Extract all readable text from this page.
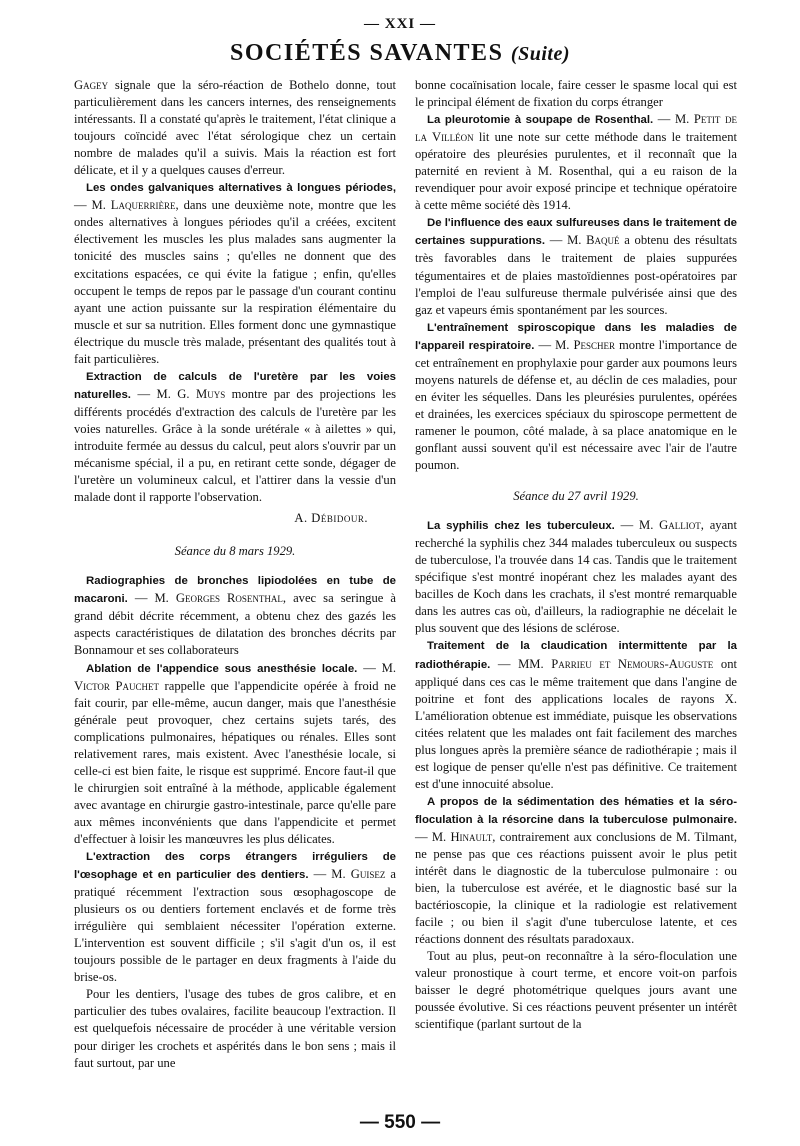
— XXI —
SOCIÉTÉS SAVANTES (Suite)

Gagey signale que la séro-réaction de Bothelo donne, tout particulièrement dans les cancers internes, des renseignements intéressants. Il a constaté qu'après le traitement, l'état clinique a toujours coïncidé avec l'état sérologique chez un certain nombre de malades qu'il a suivis. Mais la réaction est fort délicate, et il y a quelques causes d'erreur.

Les ondes galvaniques alternatives à longues périodes, — M. Laquerrière, dans une deuxième note, montre que les ondes alternatives à longues périodes qu'il a créées, excitent électivement les muscles les plus malades sans augmenter la tonicité des muscles sains ; qu'elles ne donnent que des excitations espacées, ce qui évite la fatigue ; enfin, qu'elles occupent le temps de repos par le passage d'un courant continu ayant une action puissante sur la respiration élémentaire du muscle et sur sa nutrition. Elles forment donc une gymnastique électrique du muscle très malade, présentant des qualités tout à fait particulières.

Extraction de calculs de l'uretère par les voies naturelles. — M. G. Muys montre par des projections les différents procédés d'extraction des calculs de l'uretère par les voies naturelles. Grâce à la sonde urétérale « à ailettes » qui, introduite fermée au dessus du calcul, peut alors s'ouvrir par un mécanisme spécial, il a pu, en retirant cette sonde, dégager de l'uretère un volumineux calcul, et l'attirer dans la vessie d'un malade dont il rapporte l'observation.

A. Débidour.
Séance du 8 mars 1929.

Radiographies de bronches lipiodolées en tube de macaroni. — M. Georges Rosenthal, avec sa seringue à grand débit décrite récemment, a obtenu chez des gazés les aspects caractéristiques de dilatation des bronches décrits par Bonnamour et ses collaborateurs

Ablation de l'appendice sous anesthésie locale. — M. Victor Pauchet rappelle que l'appendicite opérée à froid ne fait courir, par elle-même, aucun danger, mais que l'anesthésie générale peut provoquer, chez certains sujets tarés, des complications pulmonaires, hépatiques ou rénales. Elles sont relativement rares, mais existent. Avec l'anesthésie locale, si celle-ci est bien faite, le risque est supprimé. Encore faut-il que le chirurgien soit entraîné à la méthode, applicable également avec avantage en chirurgie gastro-intestinale, parce qu'elle pare aux mêmes inconvénients que dans l'appendicite et permet d'effectuer à loisir les manœuvres les plus délicates.

L'extraction des corps étrangers irréguliers de l'œsophage et en particulier des dentiers. — M. Guisez a pratiqué récemment l'extraction sous œsophagoscope de plusieurs os ou dentiers fortement enclavés et de forme très irrégulière qui semblaient nécessiter l'opération externe. L'intervention est souvent difficile ; s'il s'agit d'un os, il est toujours possible de le partager en deux fragments à l'aide du brise-os.

Pour les dentiers, l'usage des tubes de gros calibre, et en particulier des tubes ovalaires, facilite beaucoup l'extraction. Il est quelquefois nécessaire de procéder à une véritable version pour diriger les crochets et aspérités dans le bon sens ; mais il faut surtout, par une

bonne cocaïnisation locale, faire cesser le spasme local qui est le principal élément de fixation du corps étranger

La pleurotomie à soupape de Rosenthal. — M. Petit de la Villéon lit une note sur cette méthode dans le traitement opératoire des pleurésies purulentes, et il reconnaît que la paternité en revient à M. Rosenthal, qui a eu raison de la revendiquer pour avoir exposé principe et technique opératoire à cette même société dès 1914.

De l'influence des eaux sulfureuses dans le traitement de certaines suppurations. — M. Baqué a obtenu des résultats très favorables dans le traitement de plaies suppurées tégumentaires et de plaies mastoïdiennes post-opératoires par l'emploi de l'eau sulfureuse thermale pulvérisée ainsi que des gaz et vapeurs émis spontanément par les sources.

L'entraînement spiroscopique dans les maladies de l'appareil respiratoire. — M. Pescher montre l'importance de cet entraînement en prophylaxie pour garder aux poumons leurs moyens naturels de défense et, au déclin de ces maladies, pour en éviter les séquelles. Dans les pleurésies purulentes, opérées et drainées, les exercices spéciaux du spiroscope permettent de ramener le poumon, côté malade, à sa place anatomique en le gonflant aussi souvent qu'il est nécessaire avec l'air de l'autre poumon.

Séance du 27 avril 1929.

La syphilis chez les tuberculeux. — M. Galliot, ayant recherché la syphilis chez 344 malades tuberculeux ou suspects de tuberculose, l'a trouvée dans 14 cas. Tandis que le traitement spécifique s'est montré inopérant chez les malades ayant des bacilles de Koch dans les crachats, il s'est montré remarquable dans les autres cas où, d'ailleurs, la radiographie ne décelait le plus souvent que des lésions de sclérose.

Traitement de la claudication intermittente par la radiothérapie. — MM. Parrieu et Nemours-Auguste ont appliqué dans ces cas le même traitement que dans l'angine de poitrine et font des applications locales de rayons X. L'amélioration obtenue est immédiate, puisque les observations citées relatent que les malades ont fait facilement des marches plus longues après la première séance de radiothérapie ; mais il est logique de penser qu'elle n'est pas définitive. Ce traitement est d'une innocuité absolue.

A propos de la sédimentation des hématies et la séro-floculation à la résorcine dans la tuberculose pulmonaire. — M. Hinault, contrairement aux conclusions de M. Tilmant, ne pense pas que ces réactions puissent avoir le plus petit intérêt dans le diagnostic de la tuberculose pulmonaire : ou bien, la tuberculose est avérée, et le diagnostic basé sur la bactérioscopie, la clinique et la radiologie est relativement facile ; ou bien il s'agit d'une tuberculose latente, et ces réactions donnent des résultats paradoxaux.

Tout au plus, peut-on reconnaître à la séro-floculation une valeur pronostique à court terme, et encore voit-on parfois baisser le degré photométrique quelques jours avant une poussée évolutive. Si ces réactions peuvent présenter un intérêt scientifique (parlant surtout de la

— 550 —
